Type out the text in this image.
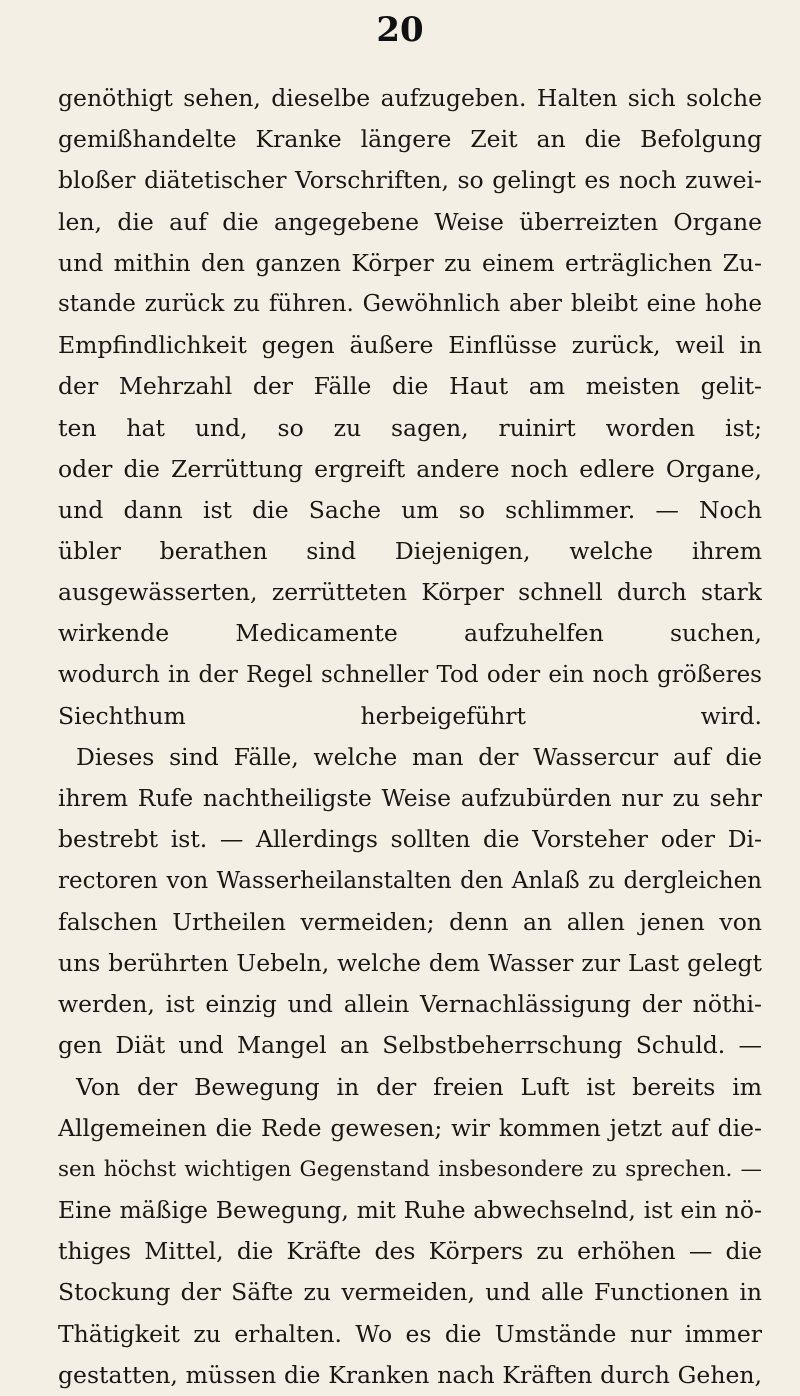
20
genöthigt sehen, dieselbe aufzugeben. Halten sich solche
gemißhandelte Kranke längere Zeit an die Befolgung
bloßer diätetischer Vorschriften, so gelingt es noch zuwei-
len, die auf die angegebene Weise überreizten Organe
und mithin den ganzen Körper zu einem erträglichen Zu-
stande zurück zu führen. Gewöhnlich aber bleibt eine hohe
Empfindlichkeit gegen äußere Einflüsse zurück, weil in
der Mehrzahl der Fälle die Haut am meisten gelit-
ten hat und, so zu sagen, ruinirt worden ist;
oder die Zerrüttung ergreift andere noch edlere Organe,
und dann ist die Sache um so schlimmer. — Noch
übler berathen sind Diejenigen, welche ihrem
ausgewässerten, zerrütteten Körper schnell durch stark
wirkende Medicamente aufzuhelfen suchen,
wodurch in der Regel schneller Tod oder ein noch größeres
Siechthum herbeigeführt wird.
Dieses sind Fälle, welche man der Wassercur auf die
ihrem Rufe nachtheiligste Weise aufzubürden nur zu sehr
bestrebt ist. — Allerdings sollten die Vorsteher oder Di-
rectoren von Wasserheilanstalten den Anlaß zu dergleichen
falschen Urtheilen vermeiden; denn an allen jenen von
uns berührten Uebeln, welche dem Wasser zur Last gelegt
werden, ist einzig und allein Vernachlässigung der nöthi-
gen Diät und Mangel an Selbstbeherrschung Schuld. —
Von der Bewegung in der freien Luft ist bereits im
Allgemeinen die Rede gewesen; wir kommen jetzt auf die-
sen höchst wichtigen Gegenstand insbesondere zu sprechen. —
Eine mäßige Bewegung, mit Ruhe abwechselnd, ist ein nö-
thiges Mittel, die Kräfte des Körpers zu erhöhen — die
Stockung der Säfte zu vermeiden, und alle Functionen in
Thätigkeit zu erhalten. Wo es die Umstände nur immer
gestatten, müssen die Kranken nach Kräften durch Gehen,
